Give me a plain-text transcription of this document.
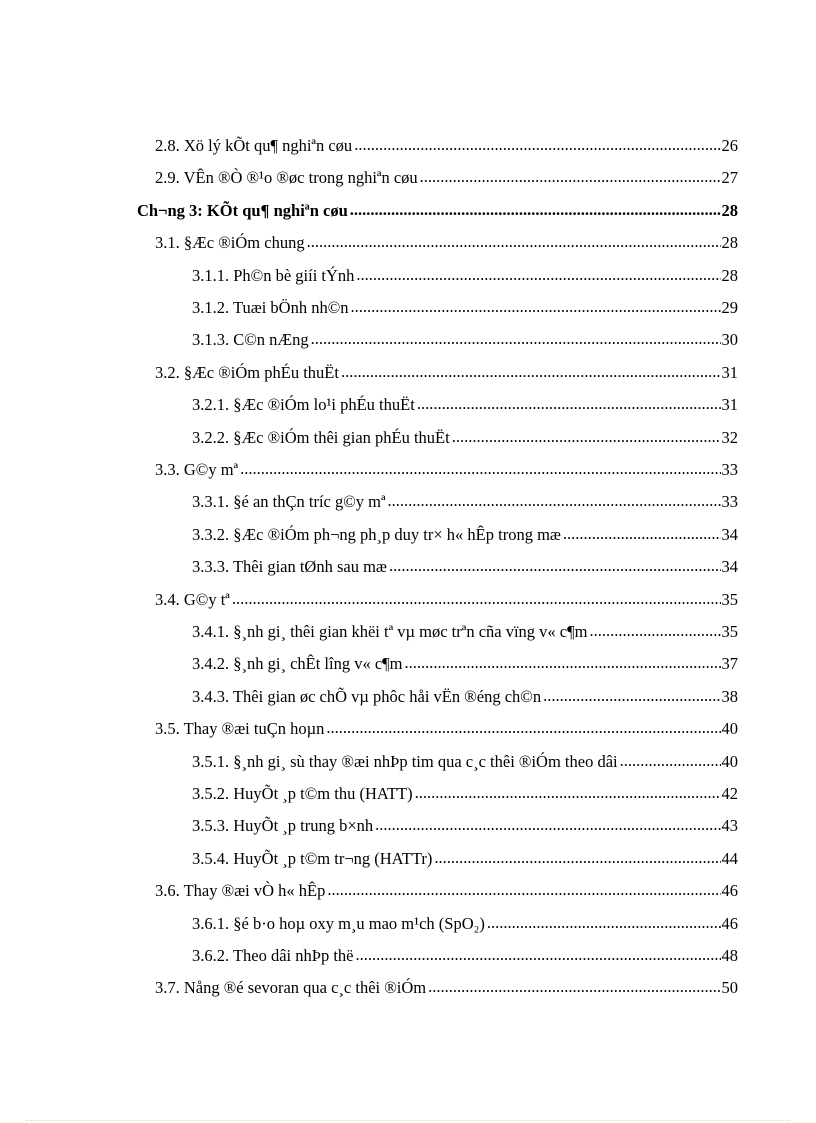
2.8. Xö lý kÕt qu¶ nghiªn cøu .....	26
2.9. VÊn ®Ò ®¹o ®øc trong nghiªn cøu .....	27
Ch¬ng 3: KÕt qu¶ nghiªn cøu .....	28
3.1. §Æc ®iÓm chung .....	28
3.1.1. Ph©n bè giíi tÝnh .....	28
3.1.2. Tuæi bÖnh nh©n .....	29
3.1.3. C©n nÆng .....	30
3.2. §Æc ®iÓm phÉu thuËt .....	31
3.2.1. §Æc ®iÓm lo¹i phÉu thuËt .....	31
3.2.2. §Æc ®iÓm thêi gian phÉu thuËt .....	32
3.3. G©y mª .....	33
3.3.1. §é an thÇn tríc g©y mª .....	33
3.3.2. §Æc ®iÓm ph¬ng ph¸p duy tr× h« hÊp trong mæ .....	34
3.3.3. Thêi gian tØnh sau mæ .....	34
3.4. G©y tª .....	35
3.4.1. §¸nh gi¸ thêi gian khëi tª vµ møc trªn cña vïng v« c¶m .....	35
3.4.2. §¸nh gi¸ chÊt lîng v« c¶m .....	37
3.4.3. Thêi gian øc chÕ vµ phôc håi vËn ®éng ch©n .....	38
3.5. Thay ®æi tuÇn hoµn .....	40
3.5.1. §¸nh gi¸ sù thay ®æi nhÞp tim qua c¸c thêi ®iÓm theo dâi .....	40
3.5.2. HuyÕt ¸p t©m thu (HATT) .....	42
3.5.3. HuyÕt ¸p trung b×nh .....	43
3.5.4. HuyÕt ¸p t©m tr¬ng (HATTr) .....	44
3.6. Thay ®æi vÒ h« hÊp .....	46
3.6.1. §é b·o hoµ oxy m¸u mao m¹ch (SpO₂) .....	46
3.6.2. Theo dâi nhÞp thë .....	48
3.7. Nång ®é sevoran qua c¸c thêi ®iÓm .....	50
